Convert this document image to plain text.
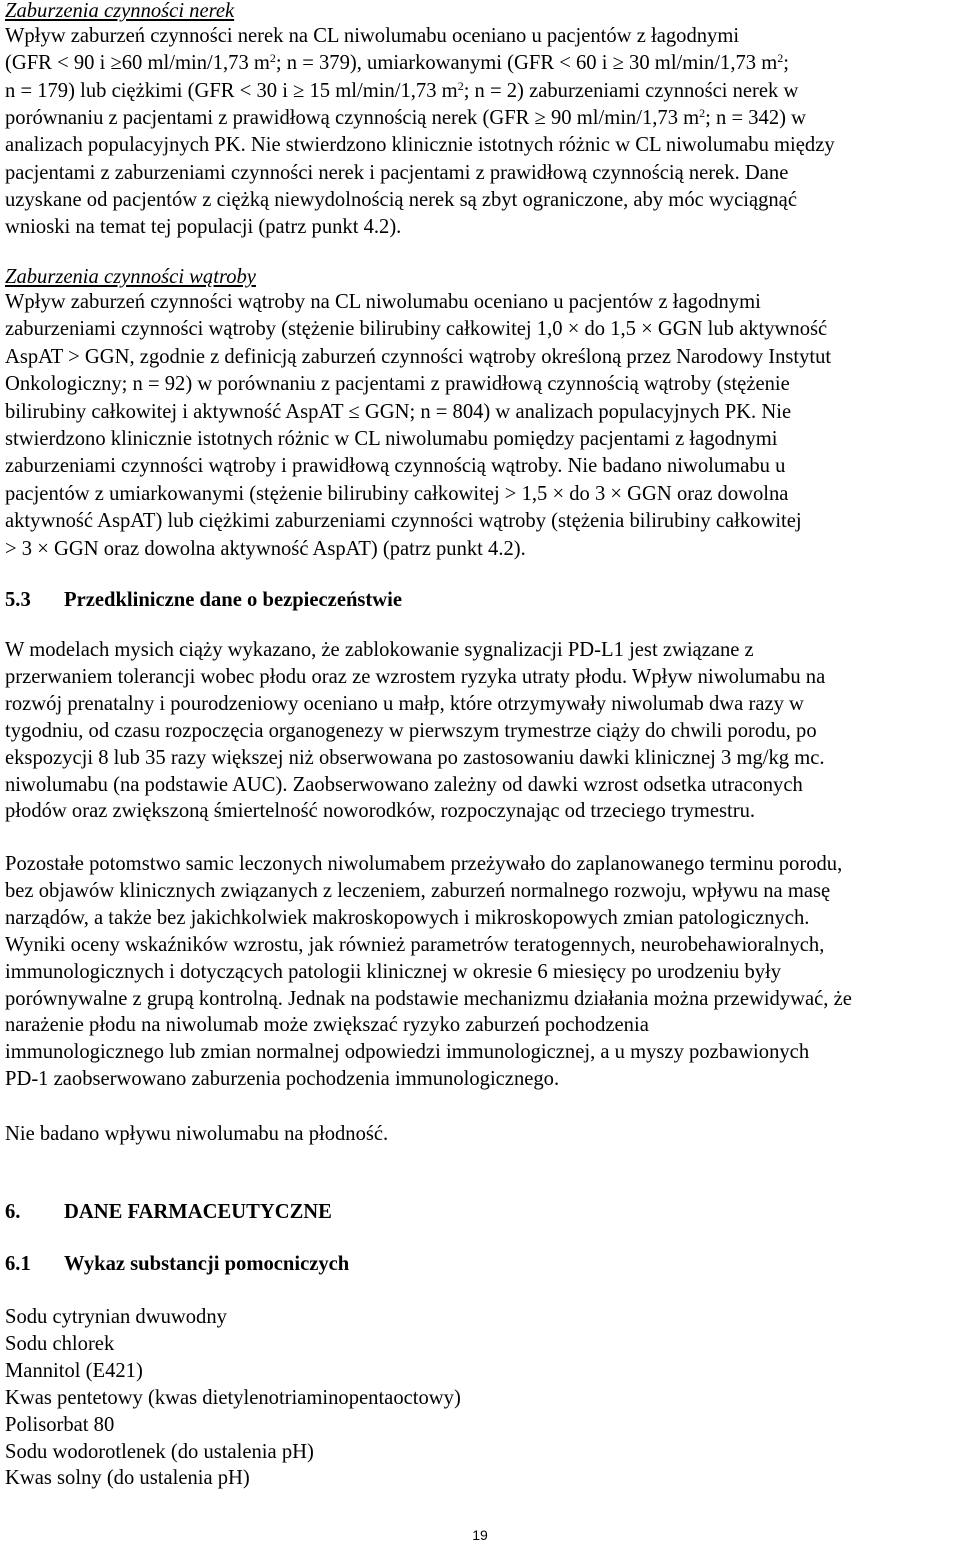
Zaburzenia czynności nerek
Wpływ zaburzeń czynności nerek na CL niwolumabu oceniano u pacjentów z łagodnymi
(GFR < 90 i ≥60 ml/min/1,73 $m^2$; n = 379), umiarkowanymi (GFR < 60 i ≥ 30 ml/min/1,73 $m^2$;
n = 179) lub ciężkimi (GFR < 30 i ≥ 15 ml/min/1,73 $m^2$; n = 2) zaburzeniami czynności nerek w
porównaniu z pacjentami z prawidłową czynnością nerek (GFR ≥ 90 ml/min/1,73 $m^2$; n = 342) w
analizach populacyjnych PK. Nie stwierdzono klinicznie istotnych różnic w CL niwolumabu między
pacjentami z zaburzeniami czynności nerek i pacjentami z prawidłową czynnością nerek. Dane
uzyskane od pacjentów z ciężką niewydolnością nerek są zbyt ograniczone, aby móc wyciągnąć
wnioski na temat tej populacji (patrz punkt 4.2).
Zaburzenia czynności wątroby
Wpływ zaburzeń czynności wątroby na CL niwolumabu oceniano u pacjentów z łagodnymi
zaburzeniami czynności wątroby (stężenie bilirubiny całkowitej 1,0 × do 1,5 × GGN lub aktywność
AspAT > GGN, zgodnie z definicją zaburzeń czynności wątroby określoną przez Narodowy Instytut
Onkologiczny; n = 92) w porównaniu z pacjentami z prawidłową czynnością wątroby (stężenie
bilirubiny całkowitej i aktywność AspAT ≤ GGN; n = 804) w analizach populacyjnych PK. Nie
stwierdzono klinicznie istotnych różnic w CL niwolumabu pomiędzy pacjentami z łagodnymi
zaburzeniami czynności wątroby i prawidłową czynnością wątroby. Nie badano niwolumabu u
pacjentów z umiarkowanymi (stężenie bilirubiny całkowitej > 1,5 × do 3 × GGN oraz dowolna
aktywność AspAT) lub ciężkimi zaburzeniami czynności wątroby (stężenia bilirubiny całkowitej
> 3 × GGN oraz dowolna aktywność AspAT) (patrz punkt 4.2).
5.3 Przedkliniczne dane o bezpieczeństwie
W modelach mysich ciąży wykazano, że zablokowanie sygnalizacji PD-L1 jest związane z
przerwaniem tolerancji wobec płodu oraz ze wzrostem ryzyka utraty płodu. Wpływ niwolumabu na
rozwój prenatalny i pourodzeniowy oceniano u małp, które otrzymywały niwolumab dwa razy w
tygodniu, od czasu rozpoczęcia organogenezy w pierwszym trymestrze ciąży do chwili porodu, po
ekspozycji 8 lub 35 razy większej niż obserwowana po zastosowaniu dawki klinicznej 3 mg/kg mc.
niwolumabu (na podstawie AUC). Zaobserwowano zależny od dawki wzrost odsetka utraconych
płodów oraz zwiększoną śmiertelność noworodków, rozpoczynając od trzeciego trymestru.
Pozostałe potomstwo samic leczonych niwolumabem przeżywało do zaplanowanego terminu porodu,
bez objawów klinicznych związanych z leczeniem, zaburzeń normalnego rozwoju, wpływu na masę
narządów, a także bez jakichkolwiek makroskopowych i mikroskopowych zmian patologicznych.
Wyniki oceny wskaźników wzrostu, jak również parametrów teratogennych, neurobehawioralnych,
immunologicznych i dotyczących patologii klinicznej w okresie 6 miesięcy po urodzeniu były
porównywalne z grupą kontrolną. Jednak na podstawie mechanizmu działania można przewidywać, że
narażenie płodu na niwolumab może zwiększać ryzyko zaburzeń pochodzenia
immunologicznego lub zmian normalnej odpowiedzi immunologicznej, a u myszy pozbawionych
PD-1 zaobserwowano zaburzenia pochodzenia immunologicznego.
Nie badano wpływu niwolumabu na płodność.
6. DANE FARMACEUTYCZNE
6.1 Wykaz substancji pomocniczych
Sodu cytrynian dwuwodny
Sodu chlorek
Mannitol (E421)
Kwas pentetowy (kwas dietylenotriaminopentaoctowy)
Polisorbat 80
Sodu wodorotlenek (do ustalenia pH)
Kwas solny (do ustalenia pH)
19
